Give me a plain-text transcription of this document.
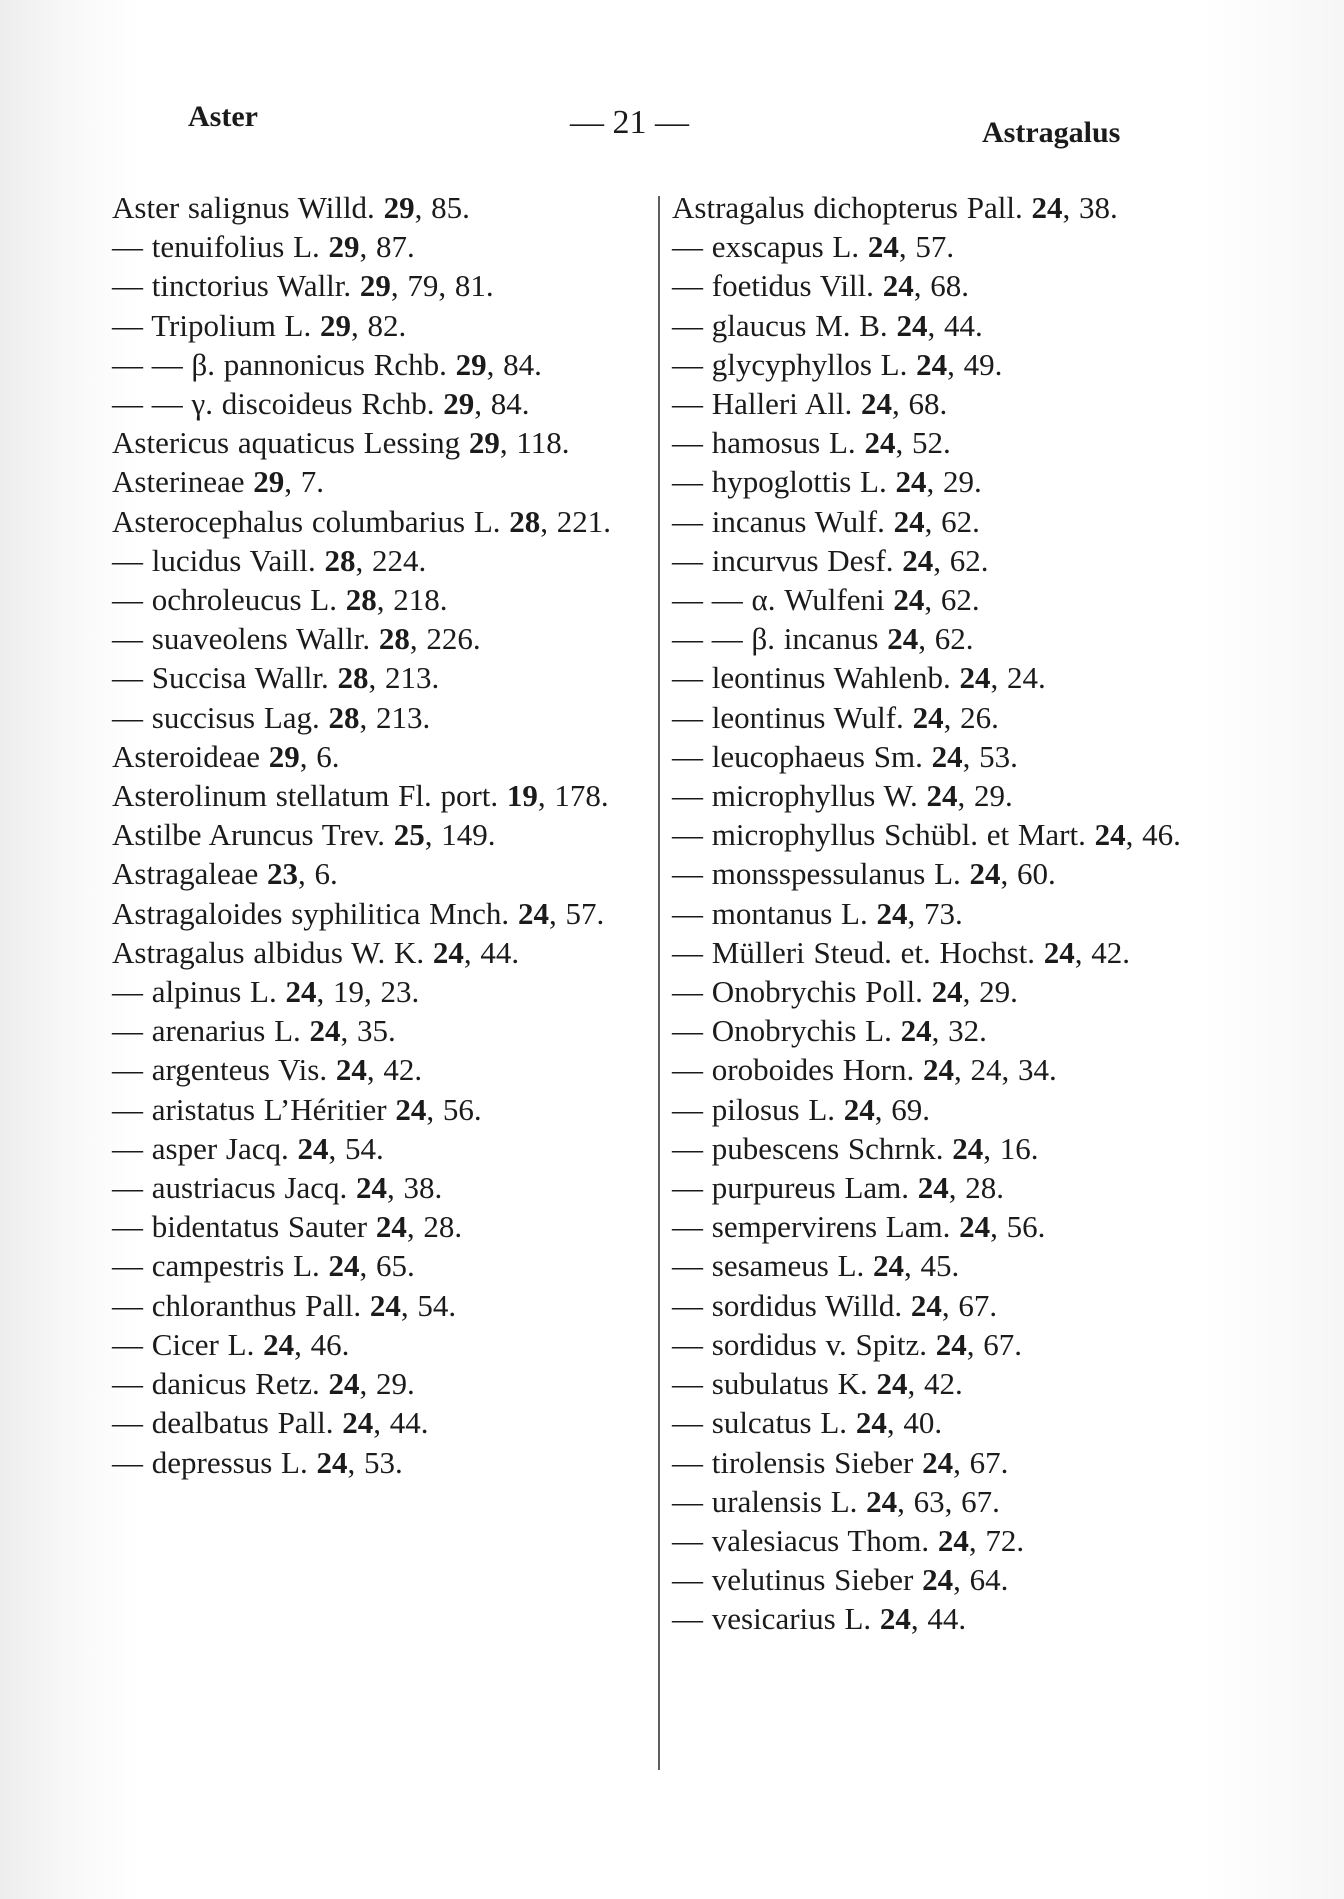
Aster	— 21 —	Astragalus
Aster salignus Willd. 29, 85.
— tenuifolius L. 29, 87.
— tinctorius Wallr. 29, 79, 81.
— Tripolium L. 29, 82.
— — β. pannonicus Rchb. 29, 84.
— — γ. discoideus Rchb. 29, 84.
Astericus aquaticus Lessing 29, 118.
Asterineae 29, 7.
Asterocephalus columbarius L. 28, 221.
— lucidus Vaill. 28, 224.
— ochroleucus L. 28, 218.
— suaveolens Wallr. 28, 226.
— Succisa Wallr. 28, 213.
— succisus Lag. 28, 213.
Asteroideae 29, 6.
Asterolinum stellatum Fl. port. 19, 178.
Astilbe Aruncus Trev. 25, 149.
Astragaleae 23, 6.
Astragaloides syphilitica Mnch. 24, 57.
Astragalus albidus W. K. 24, 44.
— alpinus L. 24, 19, 23.
— arenarius L. 24, 35.
— argenteus Vis. 24, 42.
— aristatus L’Héritier 24, 56.
— asper Jacq. 24, 54.
— austriacus Jacq. 24, 38.
— bidentatus Sauter 24, 28.
— campestris L. 24, 65.
— chloranthus Pall. 24, 54.
— Cicer L. 24, 46.
— danicus Retz. 24, 29.
— dealbatus Pall. 24, 44.
— depressus L. 24, 53.
Astragalus dichopterus Pall. 24, 38.
— exscapus L. 24, 57.
— foetidus Vill. 24, 68.
— glaucus M. B. 24, 44.
— glycyphyllos L. 24, 49.
— Halleri All. 24, 68.
— hamosus L. 24, 52.
— hypoglottis L. 24, 29.
— incanus Wulf. 24, 62.
— incurvus Desf. 24, 62.
— — α. Wulfeni 24, 62.
— — β. incanus 24, 62.
— leontinus Wahlenb. 24, 24.
— leontinus Wulf. 24, 26.
— leucophaeus Sm. 24, 53.
— microphyllus W. 24, 29.
— microphyllus Schübl. et Mart. 24, 46.
— monsspessulanus L. 24, 60.
— montanus L. 24, 73.
— Mülleri Steud. et. Hochst. 24, 42.
— Onobrychis Poll. 24, 29.
— Onobrychis L. 24, 32.
— oroboides Horn. 24, 24, 34.
— pilosus L. 24, 69.
— pubescens Schrnk. 24, 16.
— purpureus Lam. 24, 28.
— sempervirens Lam. 24, 56.
— sesameus L. 24, 45.
— sordidus Willd. 24, 67.
— sordidus v. Spitz. 24, 67.
— subulatus K. 24, 42.
— sulcatus L. 24, 40.
— tirolensis Sieber 24, 67.
— uralensis L. 24, 63, 67.
— valesiacus Thom. 24, 72.
— velutinus Sieber 24, 64.
— vesicarius L. 24, 44.
